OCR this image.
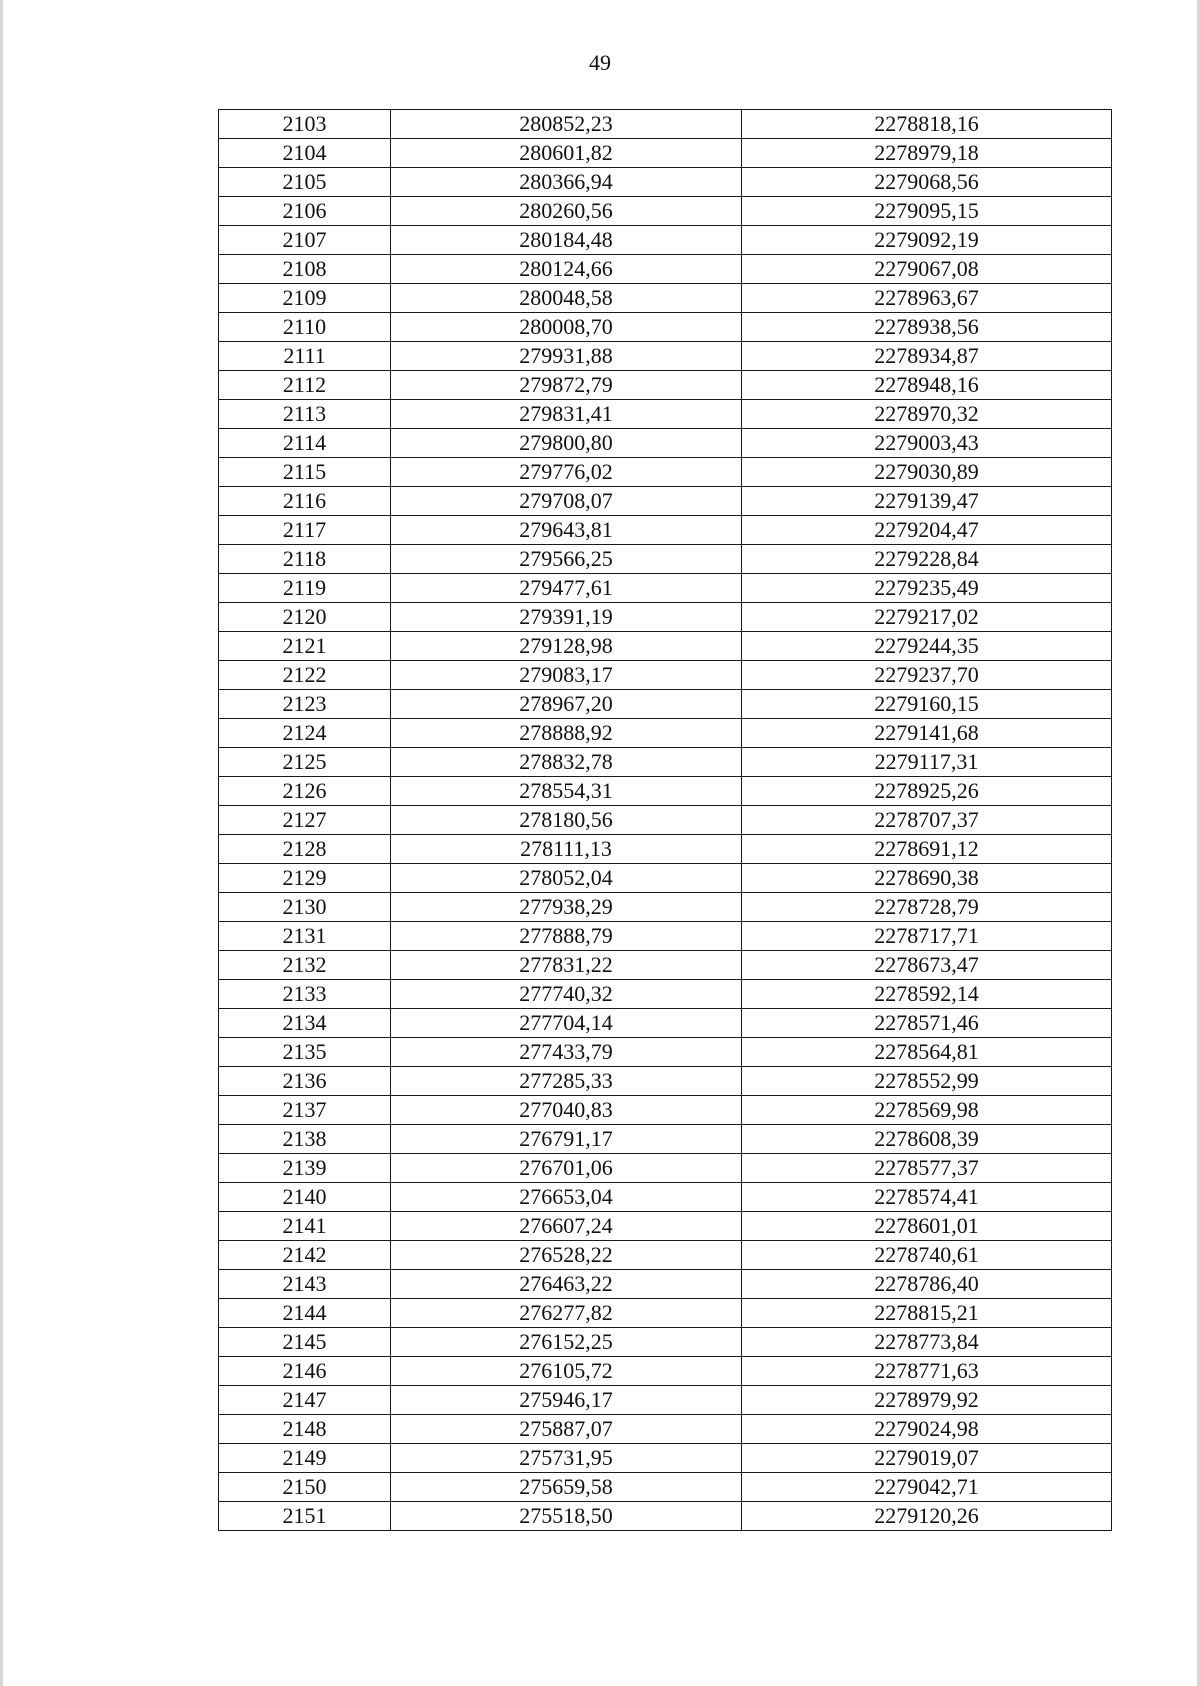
49
2103	280852,23	2278818,16
2104	280601,82	2278979,18
2105	280366,94	2279068,56
2106	280260,56	2279095,15
2107	280184,48	2279092,19
2108	280124,66	2279067,08
2109	280048,58	2278963,67
2110	280008,70	2278938,56
2111	279931,88	2278934,87
2112	279872,79	2278948,16
2113	279831,41	2278970,32
2114	279800,80	2279003,43
2115	279776,02	2279030,89
2116	279708,07	2279139,47
2117	279643,81	2279204,47
2118	279566,25	2279228,84
2119	279477,61	2279235,49
2120	279391,19	2279217,02
2121	279128,98	2279244,35
2122	279083,17	2279237,70
2123	278967,20	2279160,15
2124	278888,92	2279141,68
2125	278832,78	2279117,31
2126	278554,31	2278925,26
2127	278180,56	2278707,37
2128	278111,13	2278691,12
2129	278052,04	2278690,38
2130	277938,29	2278728,79
2131	277888,79	2278717,71
2132	277831,22	2278673,47
2133	277740,32	2278592,14
2134	277704,14	2278571,46
2135	277433,79	2278564,81
2136	277285,33	2278552,99
2137	277040,83	2278569,98
2138	276791,17	2278608,39
2139	276701,06	2278577,37
2140	276653,04	2278574,41
2141	276607,24	2278601,01
2142	276528,22	2278740,61
2143	276463,22	2278786,40
2144	276277,82	2278815,21
2145	276152,25	2278773,84
2146	276105,72	2278771,63
2147	275946,17	2278979,92
2148	275887,07	2279024,98
2149	275731,95	2279019,07
2150	275659,58	2279042,71
2151	275518,50	2279120,26
